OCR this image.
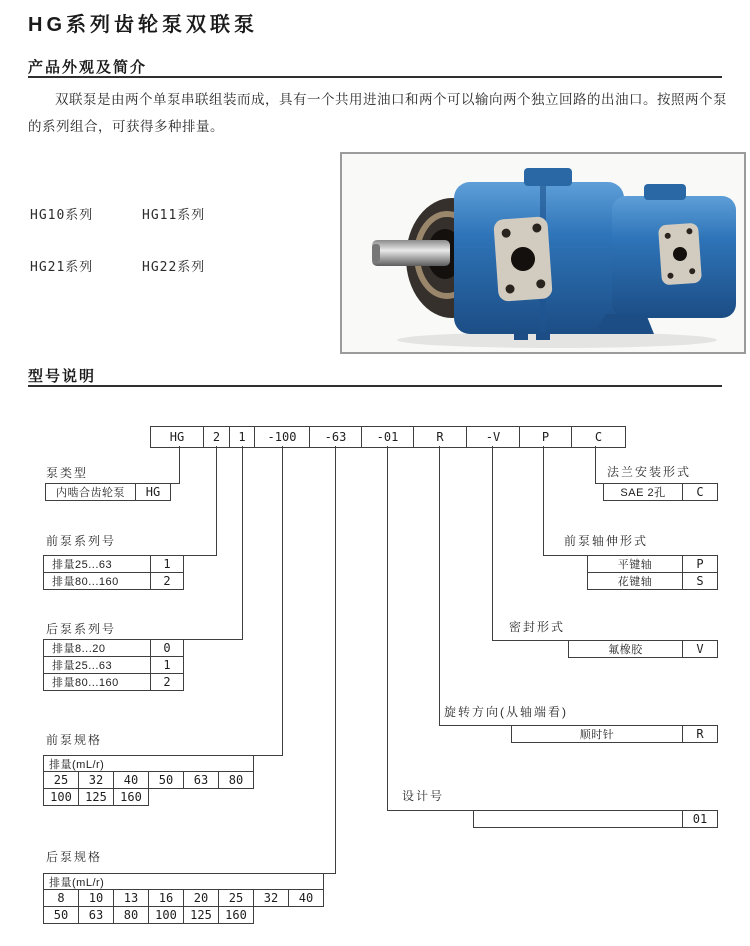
HG系列齿轮泵双联泵
产品外观及简介
双联泵是由两个单泵串联组装而成，具有一个共用进油口和两个可以输向两个独立回路的出油口。按照两个泵的系列组合，可获得多种排量。
HG10系列	HG11系列
HG21系列	HG22系列
型号说明
HG	2	1	-100	-63	-01	R	-V	P	C
泵类型
内啮合齿轮泵	HG
前泵系列号
排量25...63	1
排量80...160	2
后泵系列号
排量8...20	0
排量25...63	1
排量80...160	2
前泵规格
排量(mL/r)
25	32	40	50	63	80
100	125	160
后泵规格
排量(mL/r)
8	10	13	16	20	25	32	40
50	63	80	100	125	160
法兰安装形式
SAE 2孔	C
前泵轴伸形式
平键轴	P
花键轴	S
密封形式
氟橡胶	V
旋转方向(从轴端看)
顺时针	R
设计号
01
